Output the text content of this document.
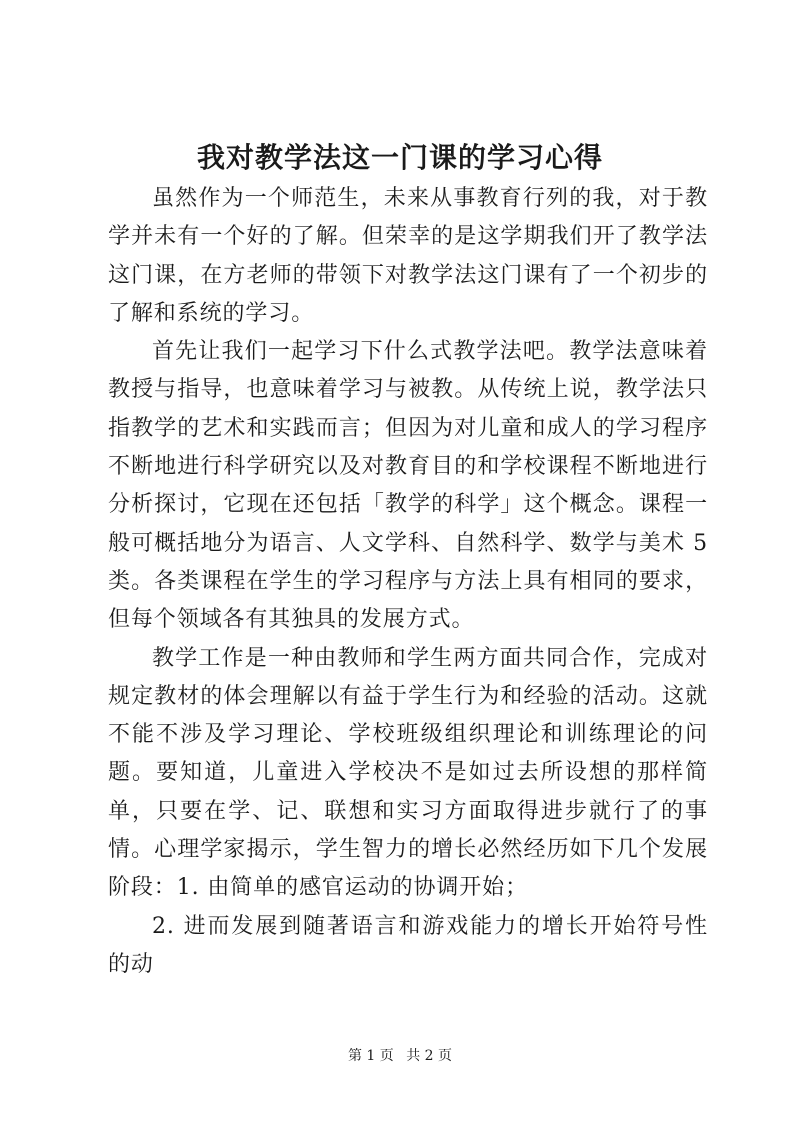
我对教学法这一门课的学习心得

虽然作为一个师范生，未来从事教育行列的我，对于教学并未有一个好的了解。但荣幸的是这学期我们开了教学法这门课，在方老师的带领下对教学法这门课有了一个初步的了解和系统的学习。

首先让我们一起学习下什么式教学法吧。教学法意味着教授与指导，也意味着学习与被教。从传统上说，教学法只指教学的艺术和实践而言；但因为对儿童和成人的学习程序不断地进行科学研究以及对教育目的和学校课程不断地进行分析探讨，它现在还包括「教学的科学」这个概念。课程一般可概括地分为语言、人文学科、自然科学、数学与美术 5 类。各类课程在学生的学习程序与方法上具有相同的要求，但每个领域各有其独具的发展方式。

教学工作是一种由教师和学生两方面共同合作，完成对规定教材的体会理解以有益于学生行为和经验的活动。这就不能不涉及学习理论、学校班级组织理论和训练理论的问题。要知道，儿童进入学校决不是如过去所设想的那样简单，只要在学、记、联想和实习方面取得进步就行了的事情。心理学家揭示，学生智力的增长必然经历如下几个发展阶段：1. 由简单的感官运动的协调开始；

2. 进而发展到随著语言和游戏能力的增长开始符号性的动

第 1 页 共 2 页
